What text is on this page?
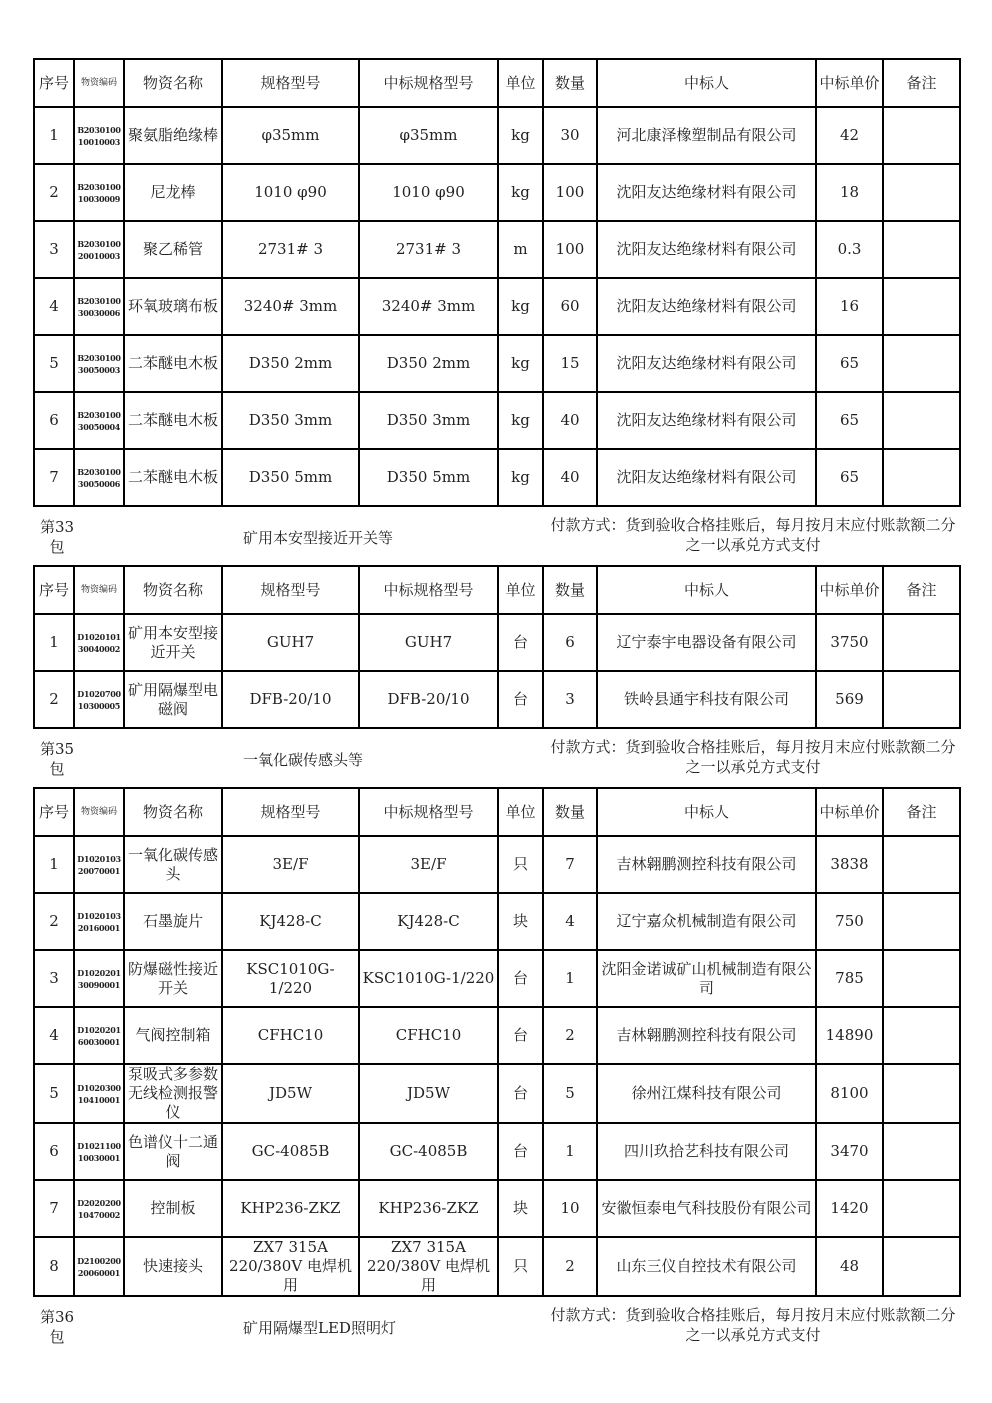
序号	物资编码	物资名称	规格型号	中标规格型号	单位	数量	中标人	中标单价	备注
1	B203010010010003	聚氨脂绝缘棒	φ35mm	φ35mm	kg	30	河北康泽橡塑制品有限公司	42	
2	B203010010030009	尼龙棒	1010 φ90	1010 φ90	kg	100	沈阳友达绝缘材料有限公司	18	
3	B203010020010003	聚乙稀管	2731# 3	2731# 3	m	100	沈阳友达绝缘材料有限公司	0.3	
4	B203010030030006	环氧玻璃布板	3240# 3mm	3240# 3mm	kg	60	沈阳友达绝缘材料有限公司	16	
5	B203010030050003	二苯醚电木板	D350 2mm	D350 2mm	kg	15	沈阳友达绝缘材料有限公司	65	
6	B203010030050004	二苯醚电木板	D350 3mm	D350 3mm	kg	40	沈阳友达绝缘材料有限公司	65	
7	B203010030050006	二苯醚电木板	D350 5mm	D350 5mm	kg	40	沈阳友达绝缘材料有限公司	65	
第33包	矿用本安型接近开关等
付款方式：货到验收合格挂账后，每月按月末应付账款额二分之一以承兑方式支付
序号	物资编码	物资名称	规格型号	中标规格型号	单位	数量	中标人	中标单价	备注
1	D102010130040002	矿用本安型接近开关	GUH7	GUH7	台	6	辽宁泰宇电器设备有限公司	3750	
2	D102070010300005	矿用隔爆型电磁阀	DFB-20/10	DFB-20/10	台	3	铁岭县通宇科技有限公司	569	
第35包	一氧化碳传感头等
付款方式：货到验收合格挂账后，每月按月末应付账款额二分之一以承兑方式支付
序号	物资编码	物资名称	规格型号	中标规格型号	单位	数量	中标人	中标单价	备注
1	D102010320070001	一氧化碳传感头	3E/F	3E/F	只	7	吉林翱鹏测控科技有限公司	3838	
2	D102010320160001	石墨旋片	KJ428-C	KJ428-C	块	4	辽宁嘉众机械制造有限公司	750	
3	D102020130090001	防爆磁性接近开关	KSC1010G-1/220	KSC1010G-1/220	台	1	沈阳金诺诚矿山机械制造有限公司	785	
4	D102020160030001	气阀控制箱	CFHC10	CFHC10	台	2	吉林翱鹏测控科技有限公司	14890	
5	D102030010410001	泵吸式多参数无线检测报警仪	JD5W	JD5W	台	5	徐州江煤科技有限公司	8100	
6	D102110010030001	色谱仪十二通阀	GC-4085B	GC-4085B	台	1	四川玖拾艺科技有限公司	3470	
7	D202020010470002	控制板	KHP236-ZKZ	KHP236-ZKZ	块	10	安徽恒泰电气科技股份有限公司	1420	
8	D210020020060001	快速接头	ZX7 315A 220/380V 电焊机用	ZX7 315A 220/380V 电焊机用	只	2	山东三仪自控技术有限公司	48	
第36包	矿用隔爆型LED照明灯
付款方式：货到验收合格挂账后，每月按月末应付账款额二分之一以承兑方式支付
